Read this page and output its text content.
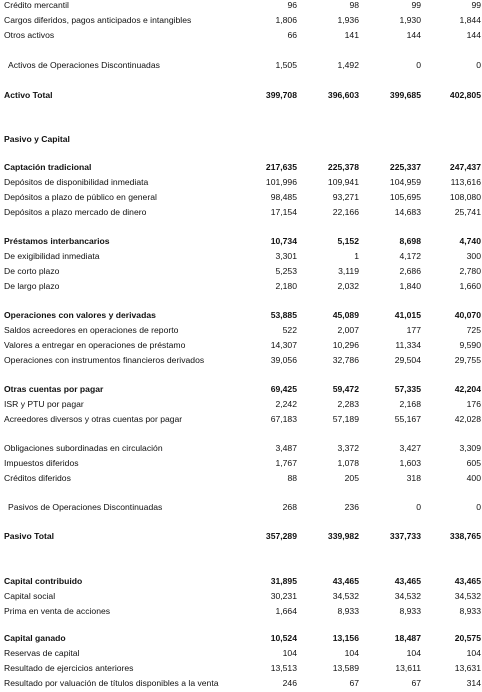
Crédito mercantil	96	98	99	99
Cargos diferidos, pagos anticipados e intangibles	1,806	1,936	1,930	1,844
Otros activos	66	141	144	144
Activos de Operaciones Discontinuadas	1,505	1,492	0	0
Activo Total	399,708	396,603	399,685	402,805
Pasivo y Capital
Captación tradicional	217,635	225,378	225,337	247,437
Depósitos de disponibilidad inmediata	101,996	109,941	104,959	113,616
Depósitos a plazo de público en general	98,485	93,271	105,695	108,080
Depósitos a plazo mercado de dinero	17,154	22,166	14,683	25,741
Préstamos interbancarios	10,734	5,152	8,698	4,740
De exigibilidad inmediata	3,301	1	4,172	300
De corto plazo	5,253	3,119	2,686	2,780
De largo plazo	2,180	2,032	1,840	1,660
Operaciones con valores y derivadas	53,885	45,089	41,015	40,070
Saldos acreedores en operaciones de reporto	522	2,007	177	725
Valores a entregar en operaciones de préstamo	14,307	10,296	11,334	9,590
Operaciones con instrumentos financieros derivados	39,056	32,786	29,504	29,755
Otras cuentas por pagar	69,425	59,472	57,335	42,204
ISR y PTU por pagar	2,242	2,283	2,168	176
Acreedores diversos y otras cuentas por pagar	67,183	57,189	55,167	42,028
Obligaciones subordinadas en circulación	3,487	3,372	3,427	3,309
Impuestos diferidos	1,767	1,078	1,603	605
Créditos diferidos	88	205	318	400
Pasivos de Operaciones Discontinuadas	268	236	0	0
Pasivo Total	357,289	339,982	337,733	338,765
Capital contribuido	31,895	43,465	43,465	43,465
Capital social	30,231	34,532	34,532	34,532
Prima en venta de acciones	1,664	8,933	8,933	8,933
Capital ganado	10,524	13,156	18,487	20,575
Reservas de capital	104	104	104	104
Resultado de ejercicios anteriores	13,513	13,589	13,611	13,631
Resultado por valuación de títulos disponibles a la venta	246	67	67	314
